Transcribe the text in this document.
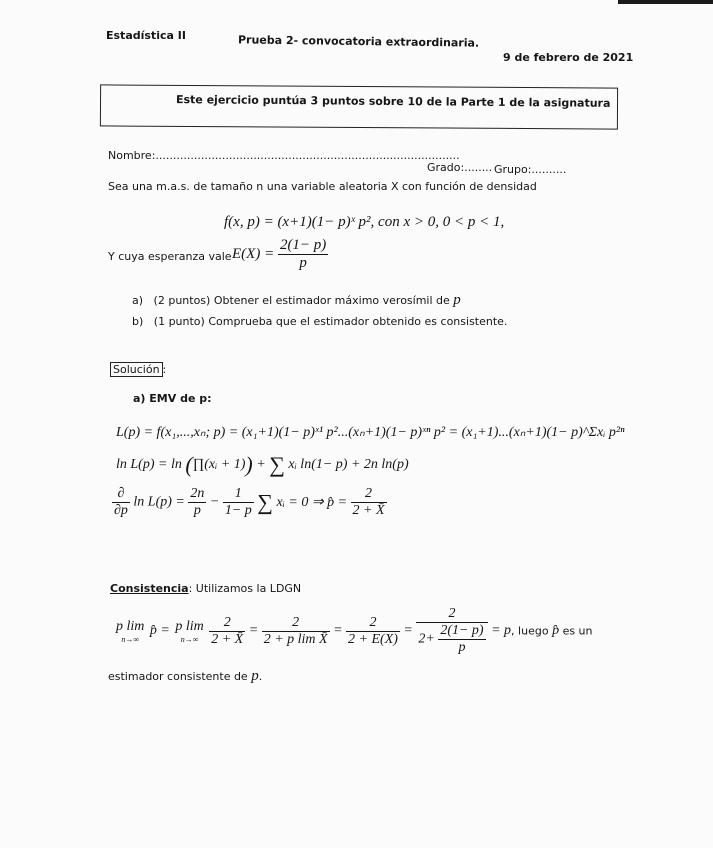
Estadística II	Prueba 2- convocatoria extraordinaria.
9 de febrero de 2021
Este ejercicio puntúa 3 puntos sobre 10 de la Parte 1 de la asignatura
Nombre:.......................................................................................
Grado:........ Grupo:..........
Sea una m.a.s. de tamaño n una variable aleatoria X con función de densidad
f(x, p) = (x+1)(1− p)ˣ p², con x > 0, 0 < p < 1,
Y cuya esperanza vale $E(X) = \frac{2(1- p)}{p}$
a) (2 puntos) Obtener el estimador máximo verosímil de p
b) (1 punto) Comprueba que el estimador obtenido es consistente.
Solución :
a) EMV de p:
L(p) = f(x₁,...,xₙ; p) = (x₁+1)(1− p)ˣ¹ p²...(xₙ+1)(1− p)ˣⁿ p² = (x₁+1)...(xₙ+1)(1− p)^Σxᵢ p²ⁿ
ln L(p) = ln (∏(xᵢ + 1)) + ∑ xᵢ ln(1− p) + 2n ln(p)
$\frac{\partial}{\partial p}$ $\ln L(p) = \frac{2n}{p} - \frac{1}{1- p}$ ∑ xᵢ = 0 ⇒ p̂ = $\frac{2}{2 + X̄}$
Consistencia: Utilizamos la LDGN
p lim
n→∞
p̂ = p lim
n→∞
$\frac{2}{2 + X̄} = \frac{2}{\text{2 + p lim X̄}} = \frac{2}{2 + E(X)} = \frac{2}{2+ \frac{2(1- p)}{p}} = p$, luego p̂ es un
estimador consistente de p.
